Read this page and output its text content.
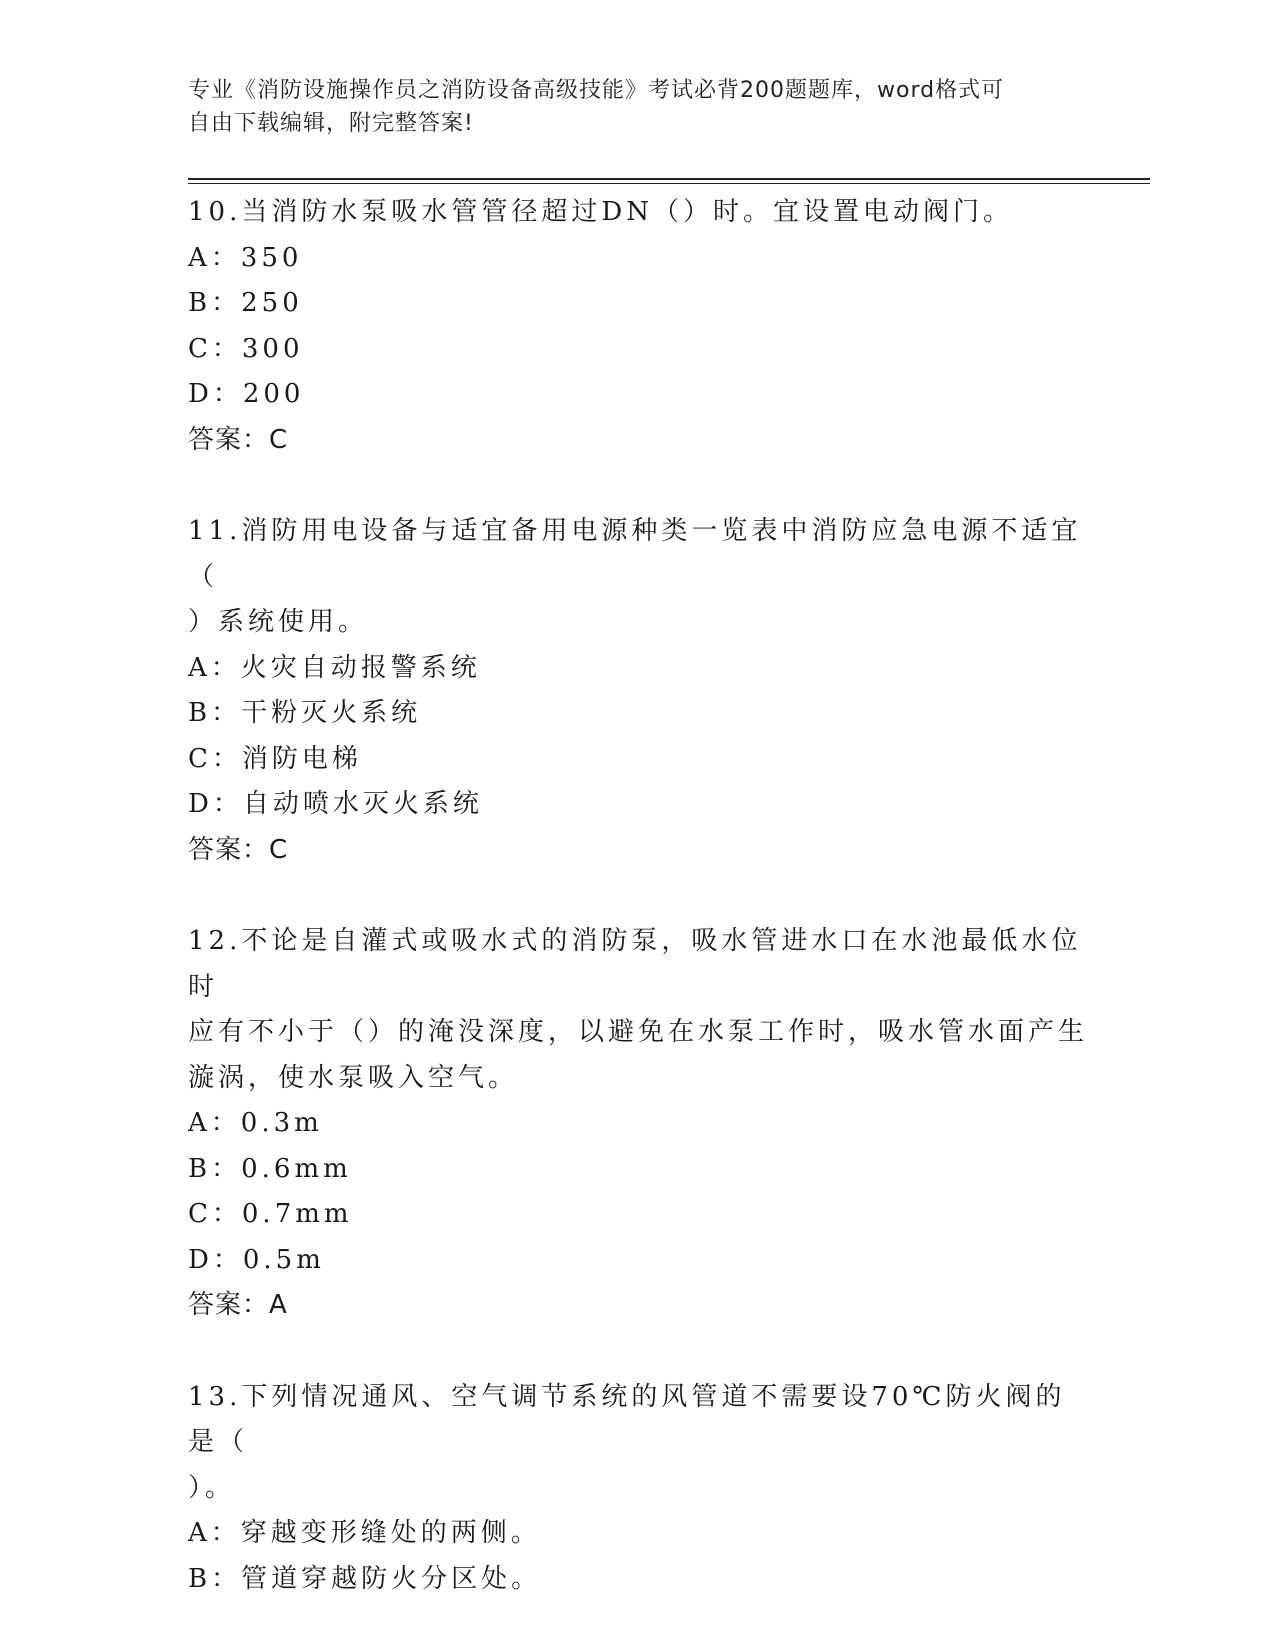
专业《消防设施操作员之消防设备高级技能》考试必背200题题库，word格式可
自由下载编辑，附完整答案!

10.当消防水泵吸水管管径超过DN（）时。宜设置电动阀门。

A：350

B：250

C：300

D：200

答案：C

11.消防用电设备与适宜备用电源种类一览表中消防应急电源不适宜（

）系统使用。

A：火灾自动报警系统

B：干粉灭火系统

C：消防电梯

D：自动喷水灭火系统

答案：C

12.不论是自灌式或吸水式的消防泵，吸水管进水口在水池最低水位时

应有不小于（）的淹没深度，以避免在水泵工作时，吸水管水面产生

漩涡，使水泵吸入空气。

A：0.3m

B：0.6mm

C：0.7mm

D：0.5m

答案：A

13.下列情况通风、空气调节系统的风管道不需要设70℃防火阀的是（

）。

A：穿越变形缝处的两侧。

B：管道穿越防火分区处。
